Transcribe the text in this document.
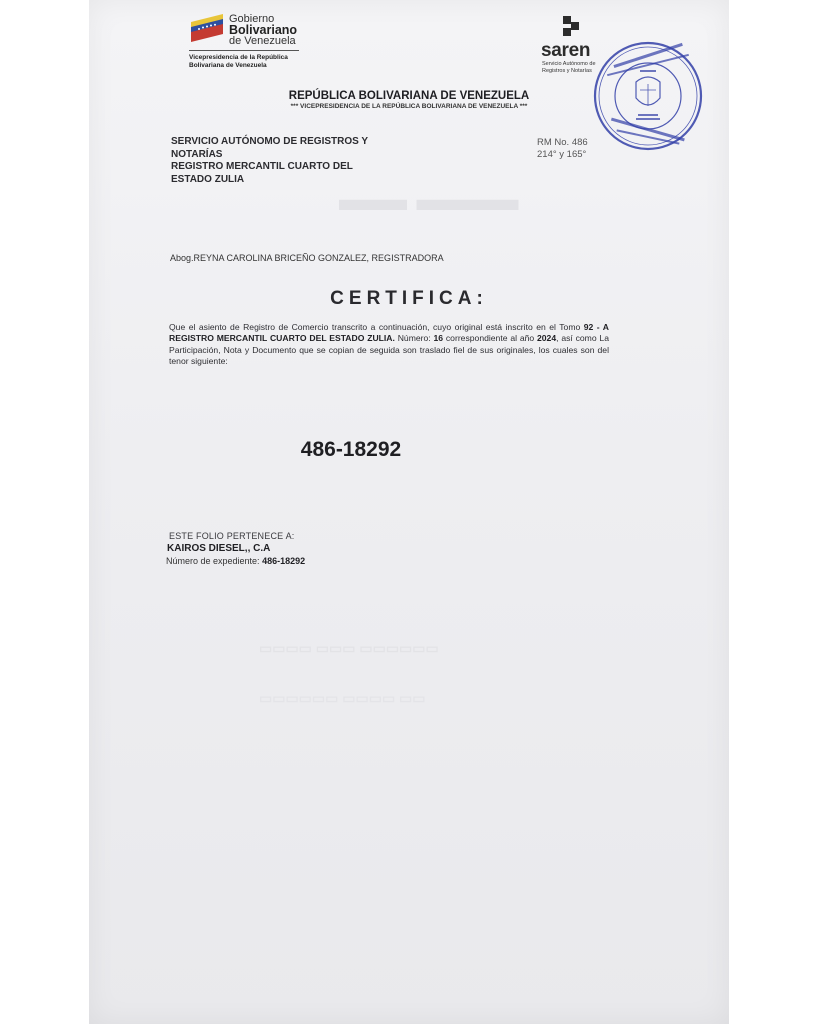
▬▬ ▬▬▬
▭▭▭▭ ▭▭▭ ▭▭▭▭▭▭
▭▭▭▭▭▭ ▭▭▭▭ ▭▭
Gobierno
Bolivariano
de Venezuela
Vicepresidencia de la República
Bolivariana de Venezuela
saren
Servicio Autónomo de
Registros y Notarías
REPÚBLICA BOLIVARIANA DE VENEZUELA
*** VICEPRESIDENCIA DE LA REPÚBLICA BOLIVARIANA DE VENEZUELA ***
SERVICIO AUTÓNOMO DE REGISTROS Y
NOTARÍAS
REGISTRO MERCANTIL CUARTO DEL
ESTADO ZULIA
RM No. 486
214° y 165°
Abog.REYNA CAROLINA BRICEÑO GONZALEZ, REGISTRADORA
CERTIFICA:
Que el asiento de Registro de Comercio transcrito a continuación, cuyo original está inscrito en el Tomo 92 - A REGISTRO MERCANTIL CUARTO DEL ESTADO ZULIA. Número: 16 correspondiente al año 2024, así como La Participación, Nota y Documento que se copian de seguida son traslado fiel de sus originales, los cuales son del tenor siguiente:
486-18292
ESTE FOLIO PERTENECE A:
KAIROS DIESEL,, C.A
Número de expediente: 486-18292
